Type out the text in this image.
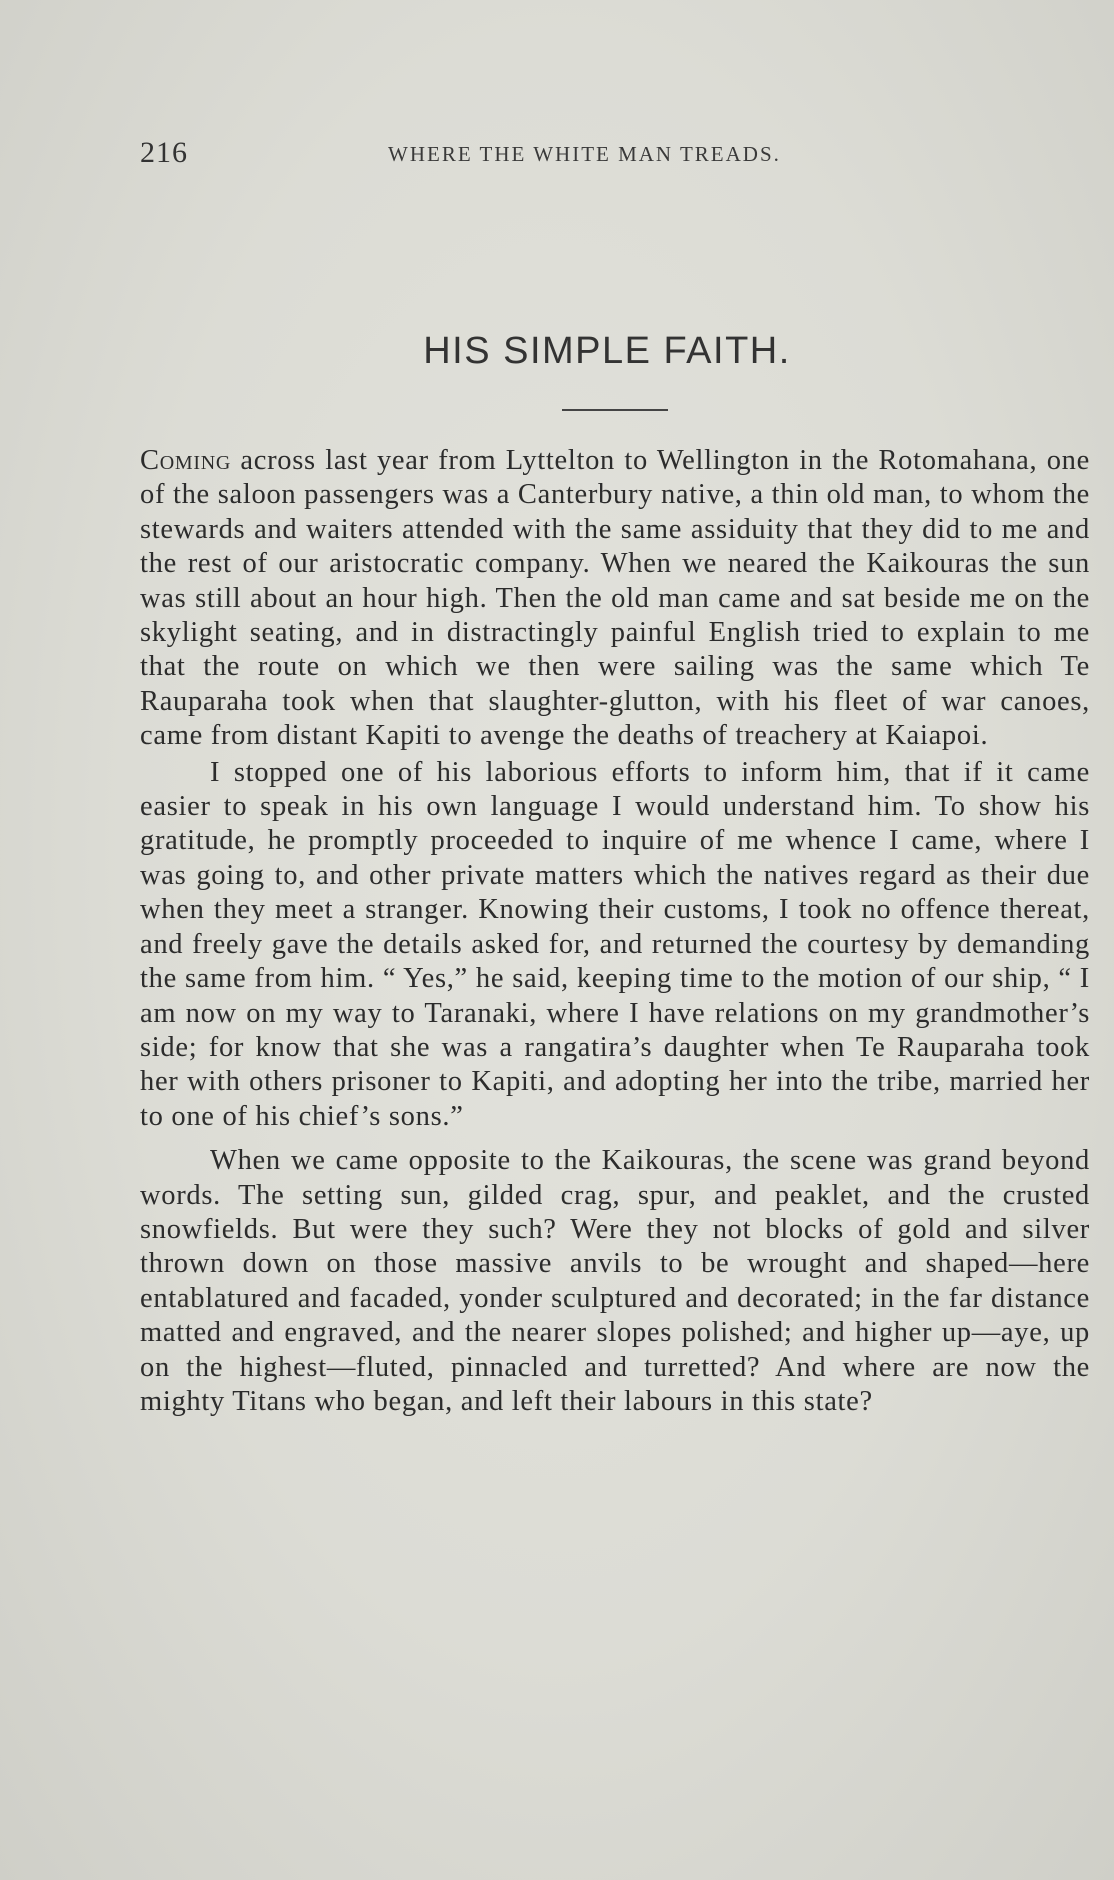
216	WHERE THE WHITE MAN TREADS.
HIS SIMPLE FAITH.

Coming across last year from Lyttelton to Wellington in the Rotomahana, one of the saloon passengers was a Canterbury native, a thin old man, to whom the stewards and waiters attended with the same assiduity that they did to me and the rest of our aristocratic company. When we neared the Kaikouras the sun was still about an hour high. Then the old man came and sat beside me on the skylight seating, and in distractingly painful English tried to explain to me that the route on which we then were sailing was the same which Te Rauparaha took when that slaughter-glutton, with his fleet of war canoes, came from distant Kapiti to avenge the deaths of treachery at Kaiapoi.

I stopped one of his laborious efforts to inform him, that if it came easier to speak in his own language I would understand him. To show his gratitude, he promptly proceeded to inquire of me whence I came, where I was going to, and other private matters which the natives regard as their due when they meet a stranger. Knowing their customs, I took no offence thereat, and freely gave the details asked for, and returned the courtesy by demanding the same from him. “ Yes,” he said, keeping time to the motion of our ship, “ I am now on my way to Taranaki, where I have relations on my grandmother’s side; for know that she was a rangatira’s daughter when Te Rauparaha took her with others prisoner to Kapiti, and adopting her into the tribe, married her to one of his chief’s sons.”

When we came opposite to the Kaikouras, the scene was grand beyond words. The setting sun, gilded crag, spur, and peaklet, and the crusted snowfields. But were they such? Were they not blocks of gold and silver thrown down on those massive anvils to be wrought and shaped—here entablatured and facaded, yonder sculptured and decorated; in the far distance matted and engraved, and the nearer slopes polished; and higher up—aye, up on the highest—fluted, pinnacled and turretted? And where are now the mighty Titans who began, and left their labours in this state?
